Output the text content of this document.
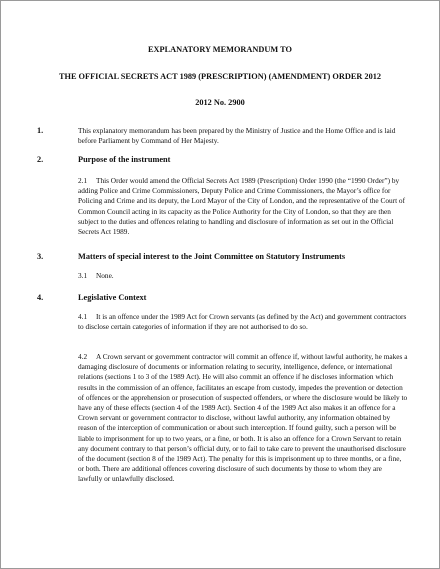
EXPLANATORY MEMORANDUM TO
THE OFFICIAL SECRETS ACT 1989 (PRESCRIPTION) (AMENDMENT) ORDER 2012
2012 No. 2900
1.	This explanatory memorandum has been prepared by the Ministry of Justice and the Home Office and is laid before Parliament by Command of Her Majesty.

2.	Purpose of the instrument

2.1 This Order would amend the Official Secrets Act 1989 (Prescription) Order 1990 (the “1990 Order”) by adding Police and Crime Commissioners, Deputy Police and Crime Commissioners, the Mayor’s office for Policing and Crime and its deputy, the Lord Mayor of the City of London, and the representative of the Court of Common Council acting in its capacity as the Police Authority for the City of London, so that they are then subject to the duties and offences relating to handling and disclosure of information as set out in the Official Secrets Act 1989.

3.	Matters of special interest to the Joint Committee on Statutory Instruments

3.1 None.

4.	Legislative Context

4.1 It is an offence under the 1989 Act for Crown servants (as defined by the Act) and government contractors to disclose certain categories of information if they are not authorised to do so.

4.2 A Crown servant or government contractor will commit an offence if, without lawful authority, he makes a damaging disclosure of documents or information relating to security, intelligence, defence, or international relations (sections 1 to 3 of the 1989 Act). He will also commit an offence if he discloses information which results in the commission of an offence, facilitates an escape from custody, impedes the prevention or detection of offences or the apprehension or prosecution of suspected offenders, or where the disclosure would be likely to have any of these effects (section 4 of the 1989 Act). Section 4 of the 1989 Act also makes it an offence for a Crown servant or government contractor to disclose, without lawful authority, any information obtained by reason of the interception of communication or about such interception. If found guilty, such a person will be liable to imprisonment for up to two years, or a fine, or both. It is also an offence for a Crown Servant to retain any document contrary to that person’s official duty, or to fail to take care to prevent the unauthorised disclosure of the document (section 8 of the 1989 Act). The penalty for this is imprisonment up to three months, or a fine, or both. There are additional offences covering disclosure of such documents by those to whom they are lawfully or unlawfully disclosed.
